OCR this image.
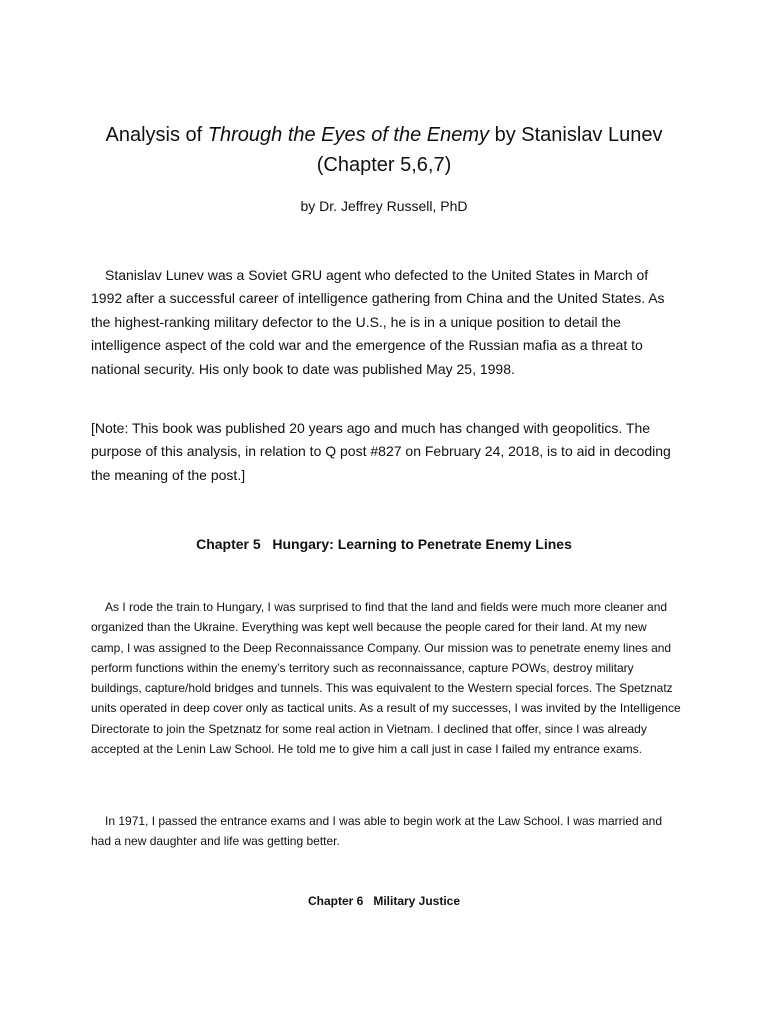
Analysis of Through the Eyes of the Enemy by Stanislav Lunev
(Chapter 5,6,7)
by Dr. Jeffrey Russell, PhD

Stanislav Lunev was a Soviet GRU agent who defected to the United States in March of 1992 after a successful career of intelligence gathering from China and the United States. As the highest-ranking military defector to the U.S., he is in a unique position to detail the intelligence aspect of the cold war and the emergence of the Russian mafia as a threat to national security. His only book to date was published May 25, 1998.

[Note: This book was published 20 years ago and much has changed with geopolitics. The purpose of this analysis, in relation to Q post #827 on February 24, 2018, is to aid in decoding the meaning of the post.]

Chapter 5 Hungary: Learning to Penetrate Enemy Lines

As I rode the train to Hungary, I was surprised to find that the land and fields were much more cleaner and organized than the Ukraine. Everything was kept well because the people cared for their land. At my new camp, I was assigned to the Deep Reconnaissance Company. Our mission was to penetrate enemy lines and perform functions within the enemy’s territory such as reconnaissance, capture POWs, destroy military buildings, capture/hold bridges and tunnels. This was equivalent to the Western special forces. The Spetznatz units operated in deep cover only as tactical units. As a result of my successes, I was invited by the Intelligence Directorate to join the Spetznatz for some real action in Vietnam. I declined that offer, since I was already accepted at the Lenin Law School. He told me to give him a call just in case I failed my entrance exams.

In 1971, I passed the entrance exams and I was able to begin work at the Law School. I was married and had a new daughter and life was getting better.

Chapter 6 Military Justice
